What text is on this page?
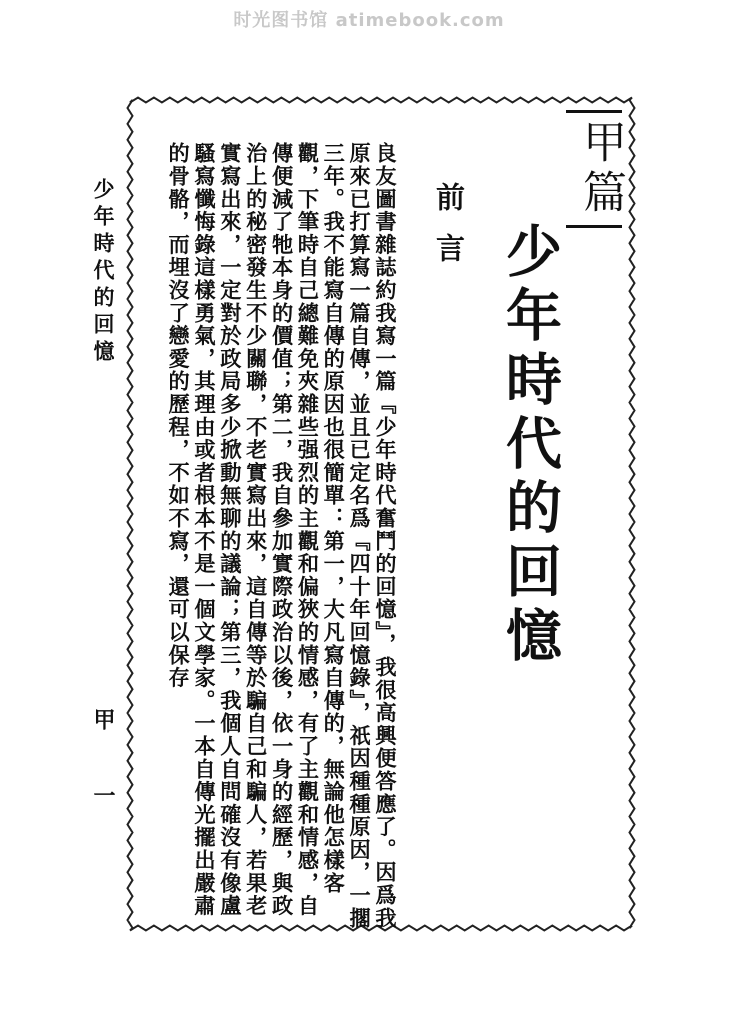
时光图书馆 atimebook.com
少年時代的回憶
甲 一
甲篇
少年時代的回憶
前言

良友圖書雜誌約我寫一篇『少年時代奮鬥的回憶』，我很高興便答應了。因爲我原來已打算寫一篇自傳，並且已定名爲『四十年回憶錄』，祇因種種原因，一擱三年。我不能寫自傳的原因也很簡單：第一，大凡寫自傳的，無論他怎樣客觀，下筆時自己總難免夾雜些强烈的主觀和偏狹的情感，有了主觀和情感，自傳便減了牠本身的價值；第二，我自參加實際政治以後，依一身的經歷，與政治上的秘密發生不少關聯，不老實寫出來，這自傳等於騙自己和騙人，若果老實寫出來，一定對於政局多少掀動無聊的議論；第三，我個人自問確沒有像盧騷寫懺悔錄這樣勇氣，其理由或者根本不是一個文學家。一本自傳光擺出嚴肅的骨骼，而埋沒了戀愛的歷程，不如不寫，還可以保存
